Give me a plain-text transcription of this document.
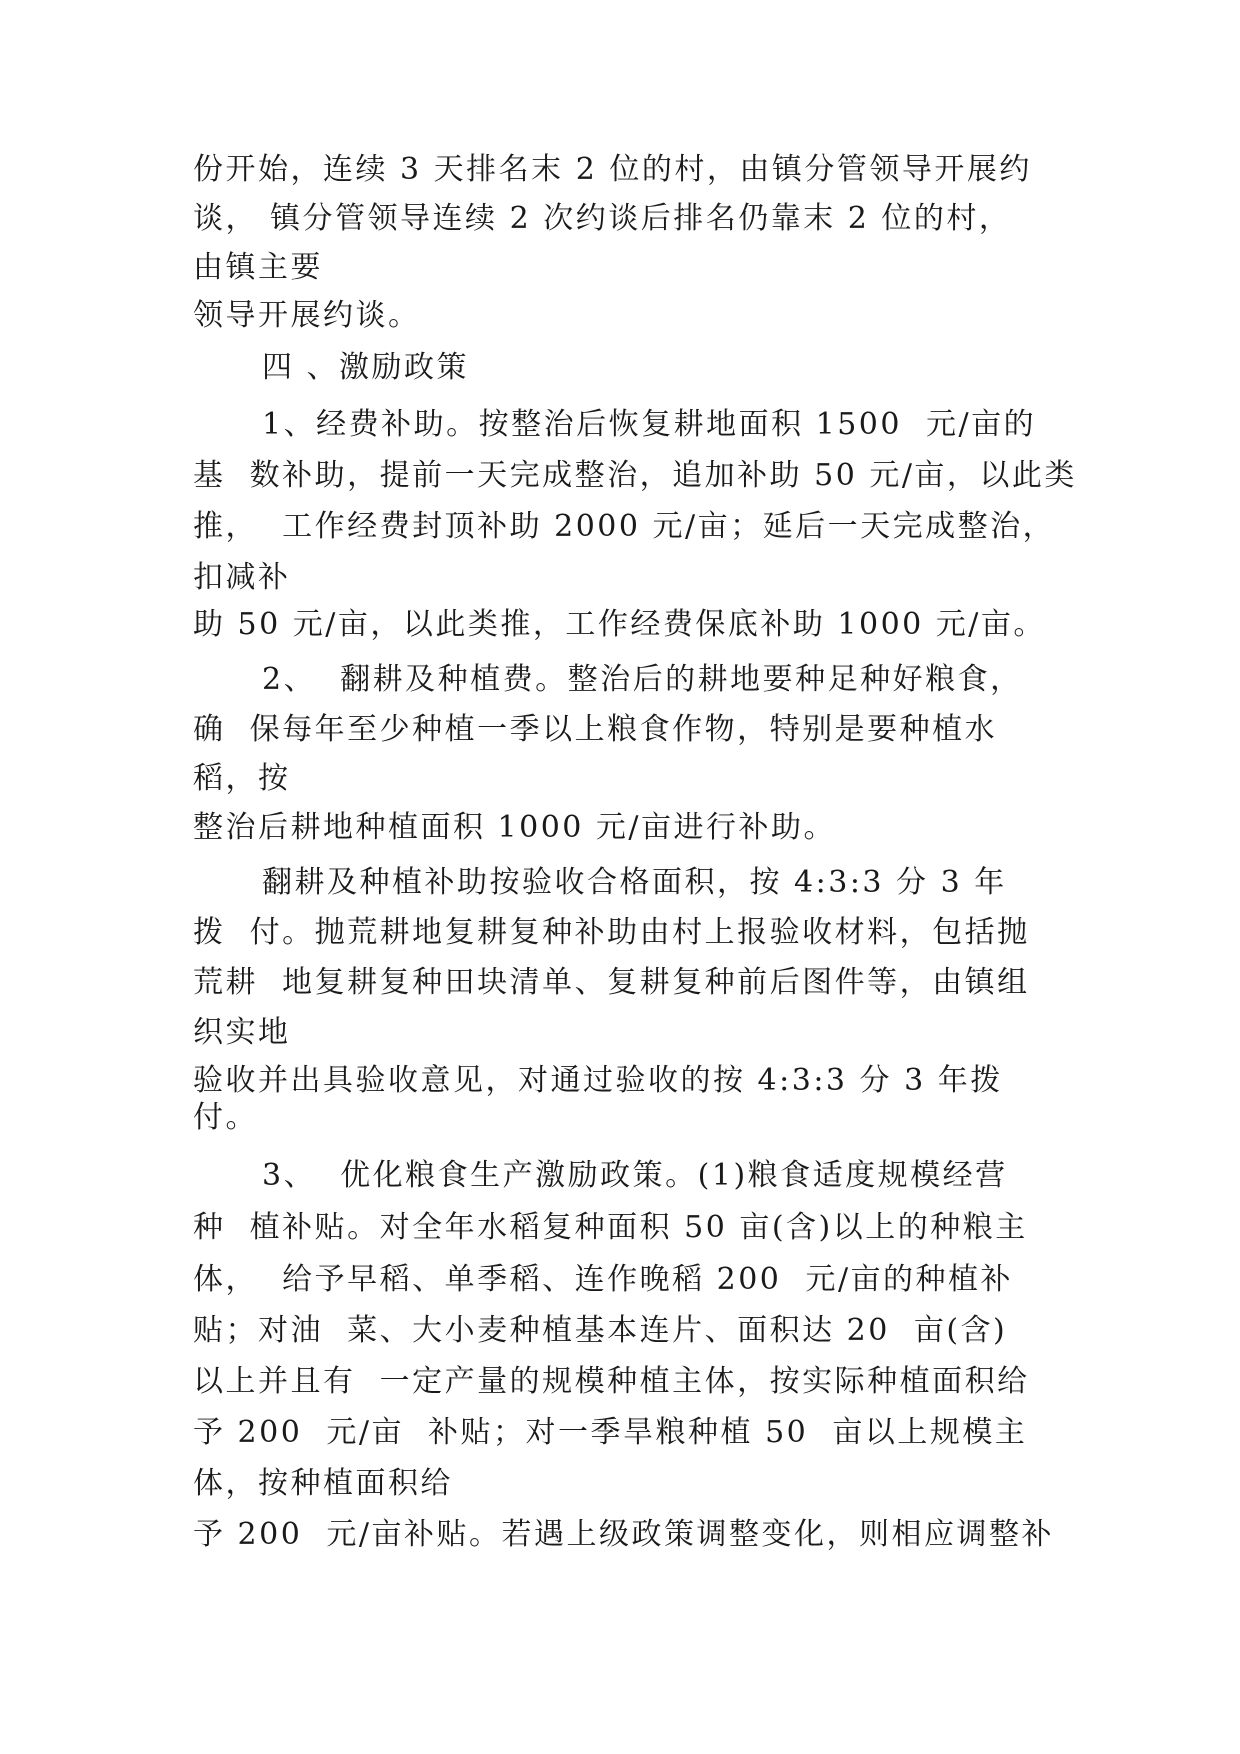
份开始，连续 3 天排名末 2 位的村，由镇分管领导开展约
谈， 镇分管领导连续 2 次约谈后排名仍靠末 2 位的村，
由镇主要
领导开展约谈。
四 、激励政策
1、经费补助。按整治后恢复耕地面积 1500  元/亩的
基  数补助，提前一天完成整治，追加补助 50 元/亩，以此类
推，  工作经费封顶补助 2000 元/亩；延后一天完成整治，
扣减补
助 50 元/亩，以此类推，工作经费保底补助 1000 元/亩。
2、  翻耕及种植费。整治后的耕地要种足种好粮食，
确  保每年至少种植一季以上粮食作物，特别是要种植水
稻，按
整治后耕地种植面积 1000 元/亩进行补助。
翻耕及种植补助按验收合格面积，按 4:3:3 分 3 年
拨  付。抛荒耕地复耕复种补助由村上报验收材料，包括抛
荒耕  地复耕复种田块清单、复耕复种前后图件等，由镇组
织实地
验收并出具验收意见，对通过验收的按 4:3:3 分 3 年拨
付。
3、  优化粮食生产激励政策。(1)粮食适度规模经营
种  植补贴。对全年水稻复种面积 50 亩(含)以上的种粮主
体，  给予早稻、单季稻、连作晚稻 200  元/亩的种植补
贴；对油  菜、大小麦种植基本连片、面积达 20  亩(含)
以上并且有  一定产量的规模种植主体，按实际种植面积给
予 200  元/亩  补贴；对一季旱粮种植 50  亩以上规模主
体，按种植面积给
予 200  元/亩补贴。若遇上级政策调整变化，则相应调整补
